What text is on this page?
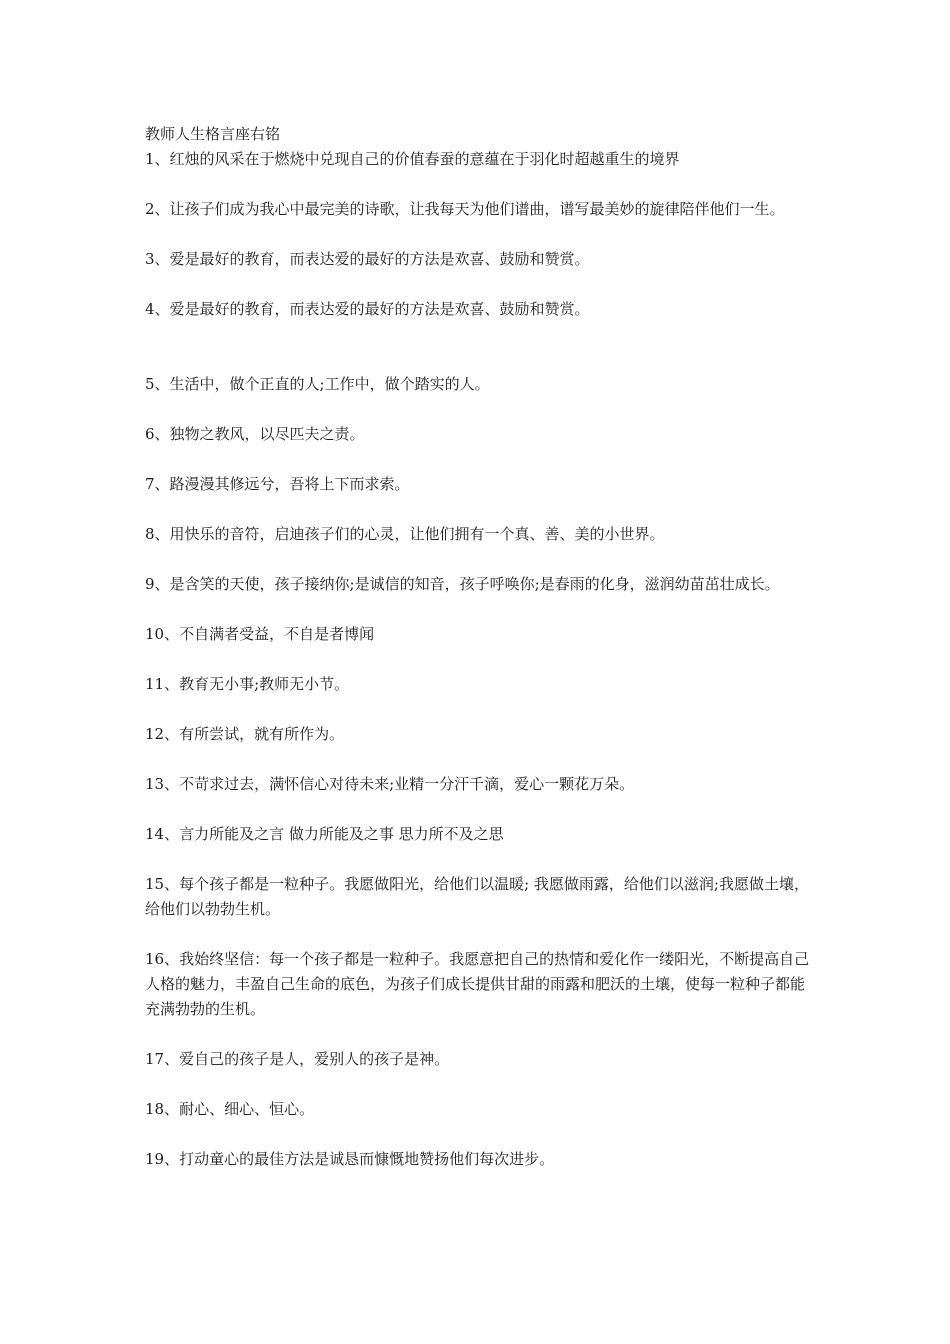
教师人生格言座右铭

1、红烛的风采在于燃烧中兑现自己的价值春蚕的意蕴在于羽化时超越重生的境界

2、让孩子们成为我心中最完美的诗歌，让我每天为他们谱曲，谱写最美妙的旋律陪伴他们一生。

3、爱是最好的教育，而表达爱的最好的方法是欢喜、鼓励和赞赏。

4、爱是最好的教育，而表达爱的最好的方法是欢喜、鼓励和赞赏。

5、生活中，做个正直的人;工作中，做个踏实的人。

6、独物之教风，以尽匹夫之责。

7、路漫漫其修远兮，吾将上下而求索。

8、用快乐的音符，启迪孩子们的心灵，让他们拥有一个真、善、美的小世界。

9、是含笑的天使，孩子接纳你;是诚信的知音，孩子呼唤你;是春雨的化身，滋润幼苗茁壮成长。

10、不自满者受益，不自是者博闻

11、教育无小事;教师无小节。

12、有所尝试，就有所作为。

13、不苛求过去，满怀信心对待未来;业精一分汗千滴，爱心一颗花万朵。

14、言力所能及之言 做力所能及之事 思力所不及之思

15、每个孩子都是一粒种子。我愿做阳光，给他们以温暖; 我愿做雨露，给他们以滋润;我愿做土壤，给他们以勃勃生机。

16、我始终坚信：每一个孩子都是一粒种子。我愿意把自己的热情和爱化作一缕阳光，不断提高自己人格的魅力，丰盈自己生命的底色，为孩子们成长提供甘甜的雨露和肥沃的土壤，使每一粒种子都能充满勃勃的生机。

17、爱自己的孩子是人，爱别人的孩子是神。

18、耐心、细心、恒心。

19、打动童心的最佳方法是诚恳而慷慨地赞扬他们每次进步。
